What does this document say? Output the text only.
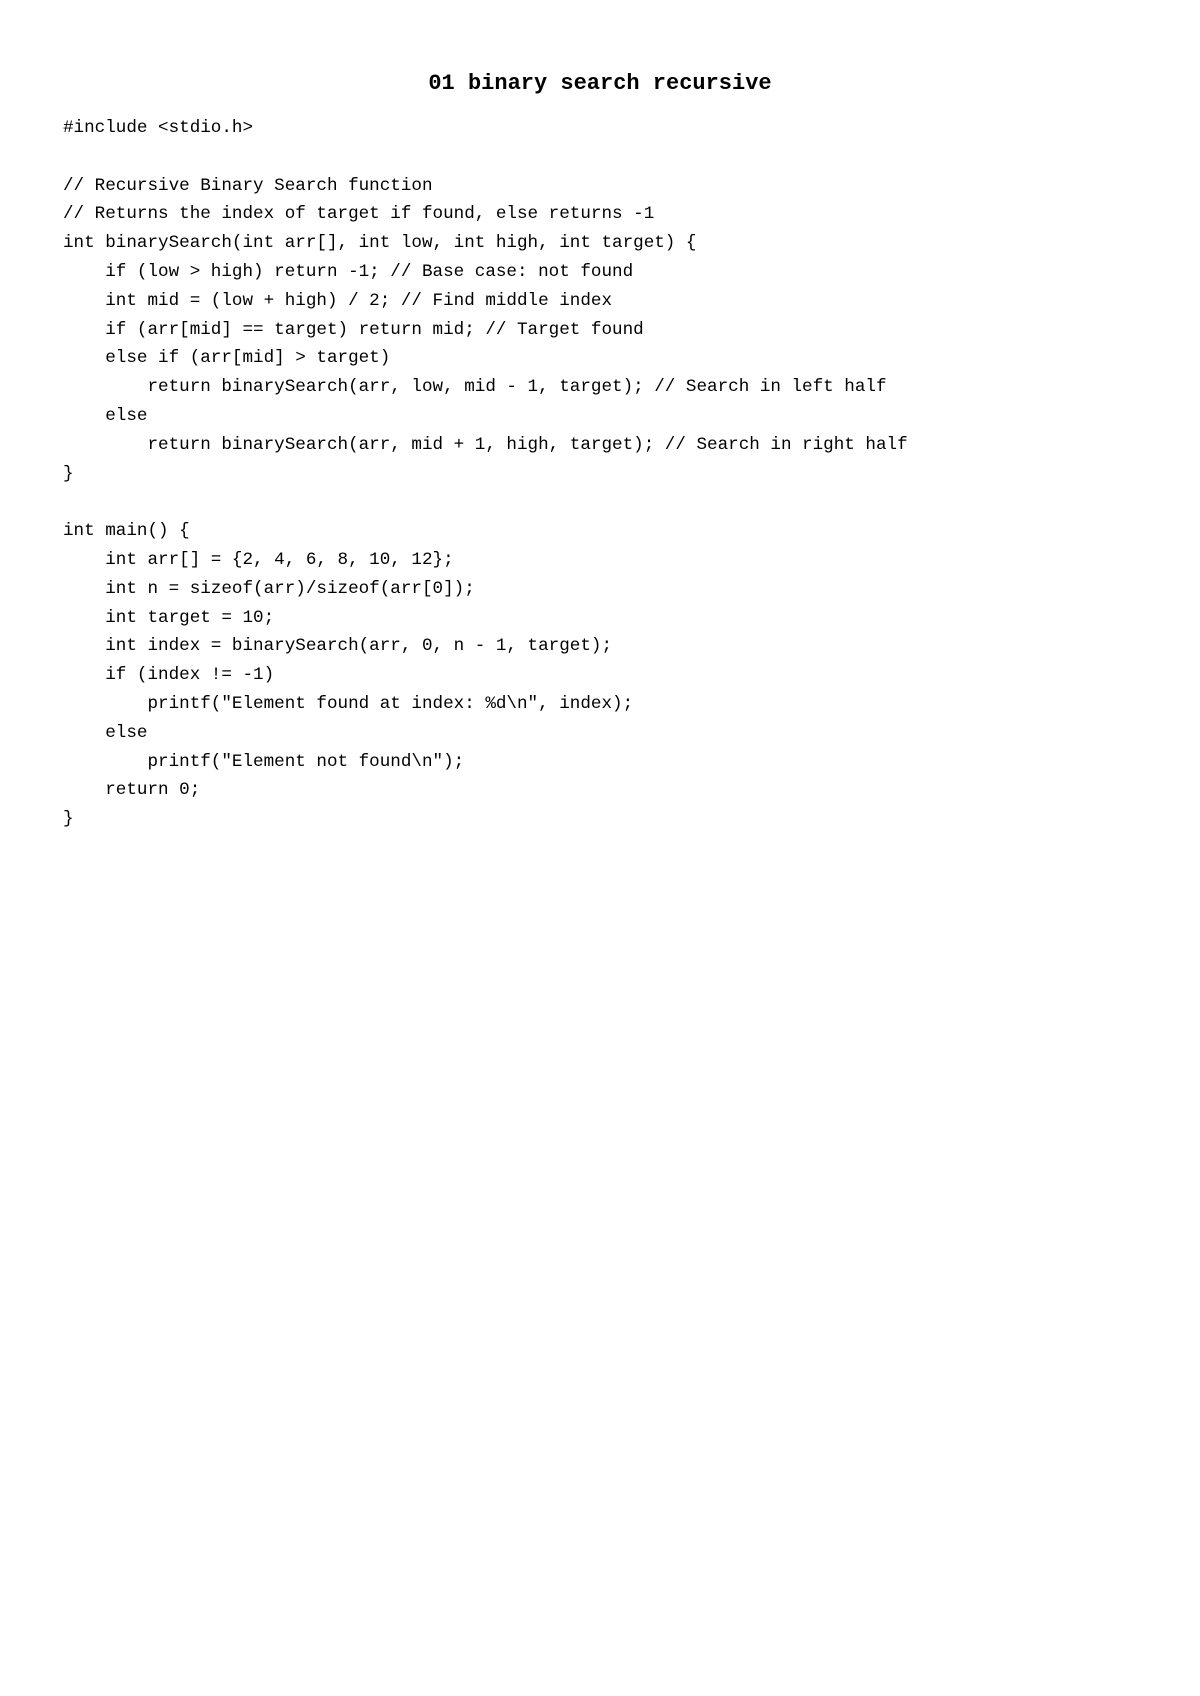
01 binary search recursive
#include <stdio.h>
// Recursive Binary Search function
// Returns the index of target if found, else returns -1
int binarySearch(int arr[], int low, int high, int target) {
if (low > high) return -1; // Base case: not found
int mid = (low + high) / 2; // Find middle index
if (arr[mid] == target) return mid; // Target found
else if (arr[mid] > target)
return binarySearch(arr, low, mid - 1, target); // Search in left half
else
return binarySearch(arr, mid + 1, high, target); // Search in right half
}
int main() {
int arr[] = {2, 4, 6, 8, 10, 12};
int n = sizeof(arr)/sizeof(arr[0]);
int target = 10;
int index = binarySearch(arr, 0, n - 1, target);
if (index != -1)
printf("Element found at index: %d\n", index);
else
printf("Element not found\n");
return 0;
}
